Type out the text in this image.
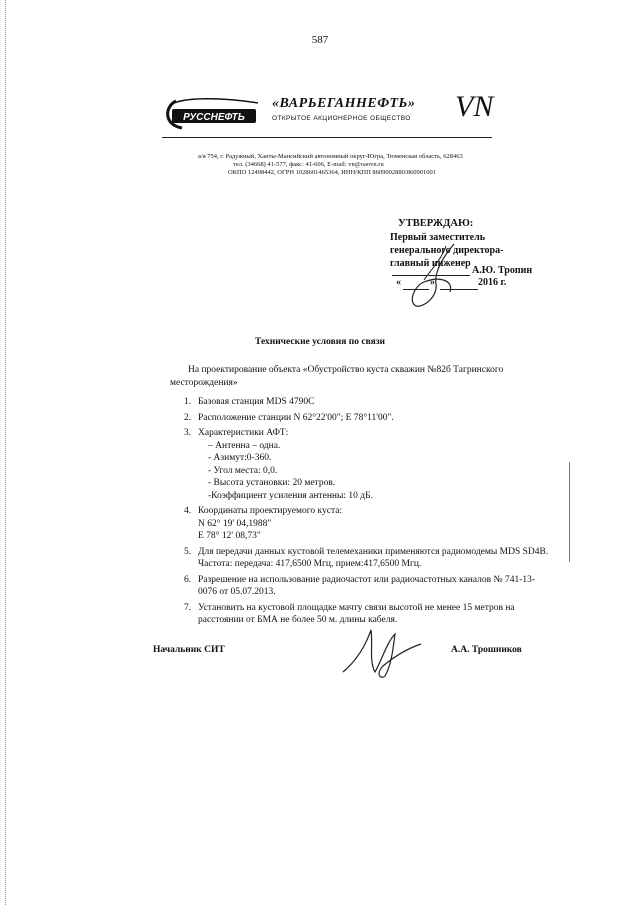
587
РУССНЕФТЬ
«ВАРЬЕГАННЕФТЬ»
ОТКРЫТОЕ АКЦИОНЕРНОЕ ОБЩЕСТВО VN
а/я 754, г. Радужный, Ханты-Мансийский автономный округ-Югра, Тюменская область, 628463
тел. (34668) 41-577, факс: 41-606, E-mail: vn@oaovn.ru
ОКПО 12498442, ОГРН 1028601465364, ИНН/КПП 8609002880/860901001
УТВЕРЖДАЮ:
Первый заместитель
генерального директора-
главный инженер
А.Ю. Тропин
«	»	2016 г.
Технические условия по связи
На проектирование объекта «Обустройство куста скважин №82б Тагринского месторождения»
1. Базовая станция MDS 4790C
2. Расположение станции N 62°22'00"; E 78°11'00".
3. Характеристики АФТ:
– Антенна – одна.
- Азимут:0-360.
- Угол места: 0,0.
- Высота установки: 20 метров.
-Коэффициент усиления антенны: 10 дБ.
4. Координаты проектируемого куста:
N 62° 19' 04,1988"
E 78° 12' 08,73"
5. Для передачи данных кустовой телемеханики применяются радиомодемы MDS SD4B. Частота: передача: 417,6500 Мгц, прием:417,6500 Мгц.
6. Разрешение на использование радиочастот или радиочастотных каналов № 741-13-0076 от 05.07.2013.
7. Установить на кустовой площадке мачту связи высотой не менее 15 метров на расстоянии от БМА не более 50 м. длины кабеля.
Начальник СИТ	А.А. Трошников
